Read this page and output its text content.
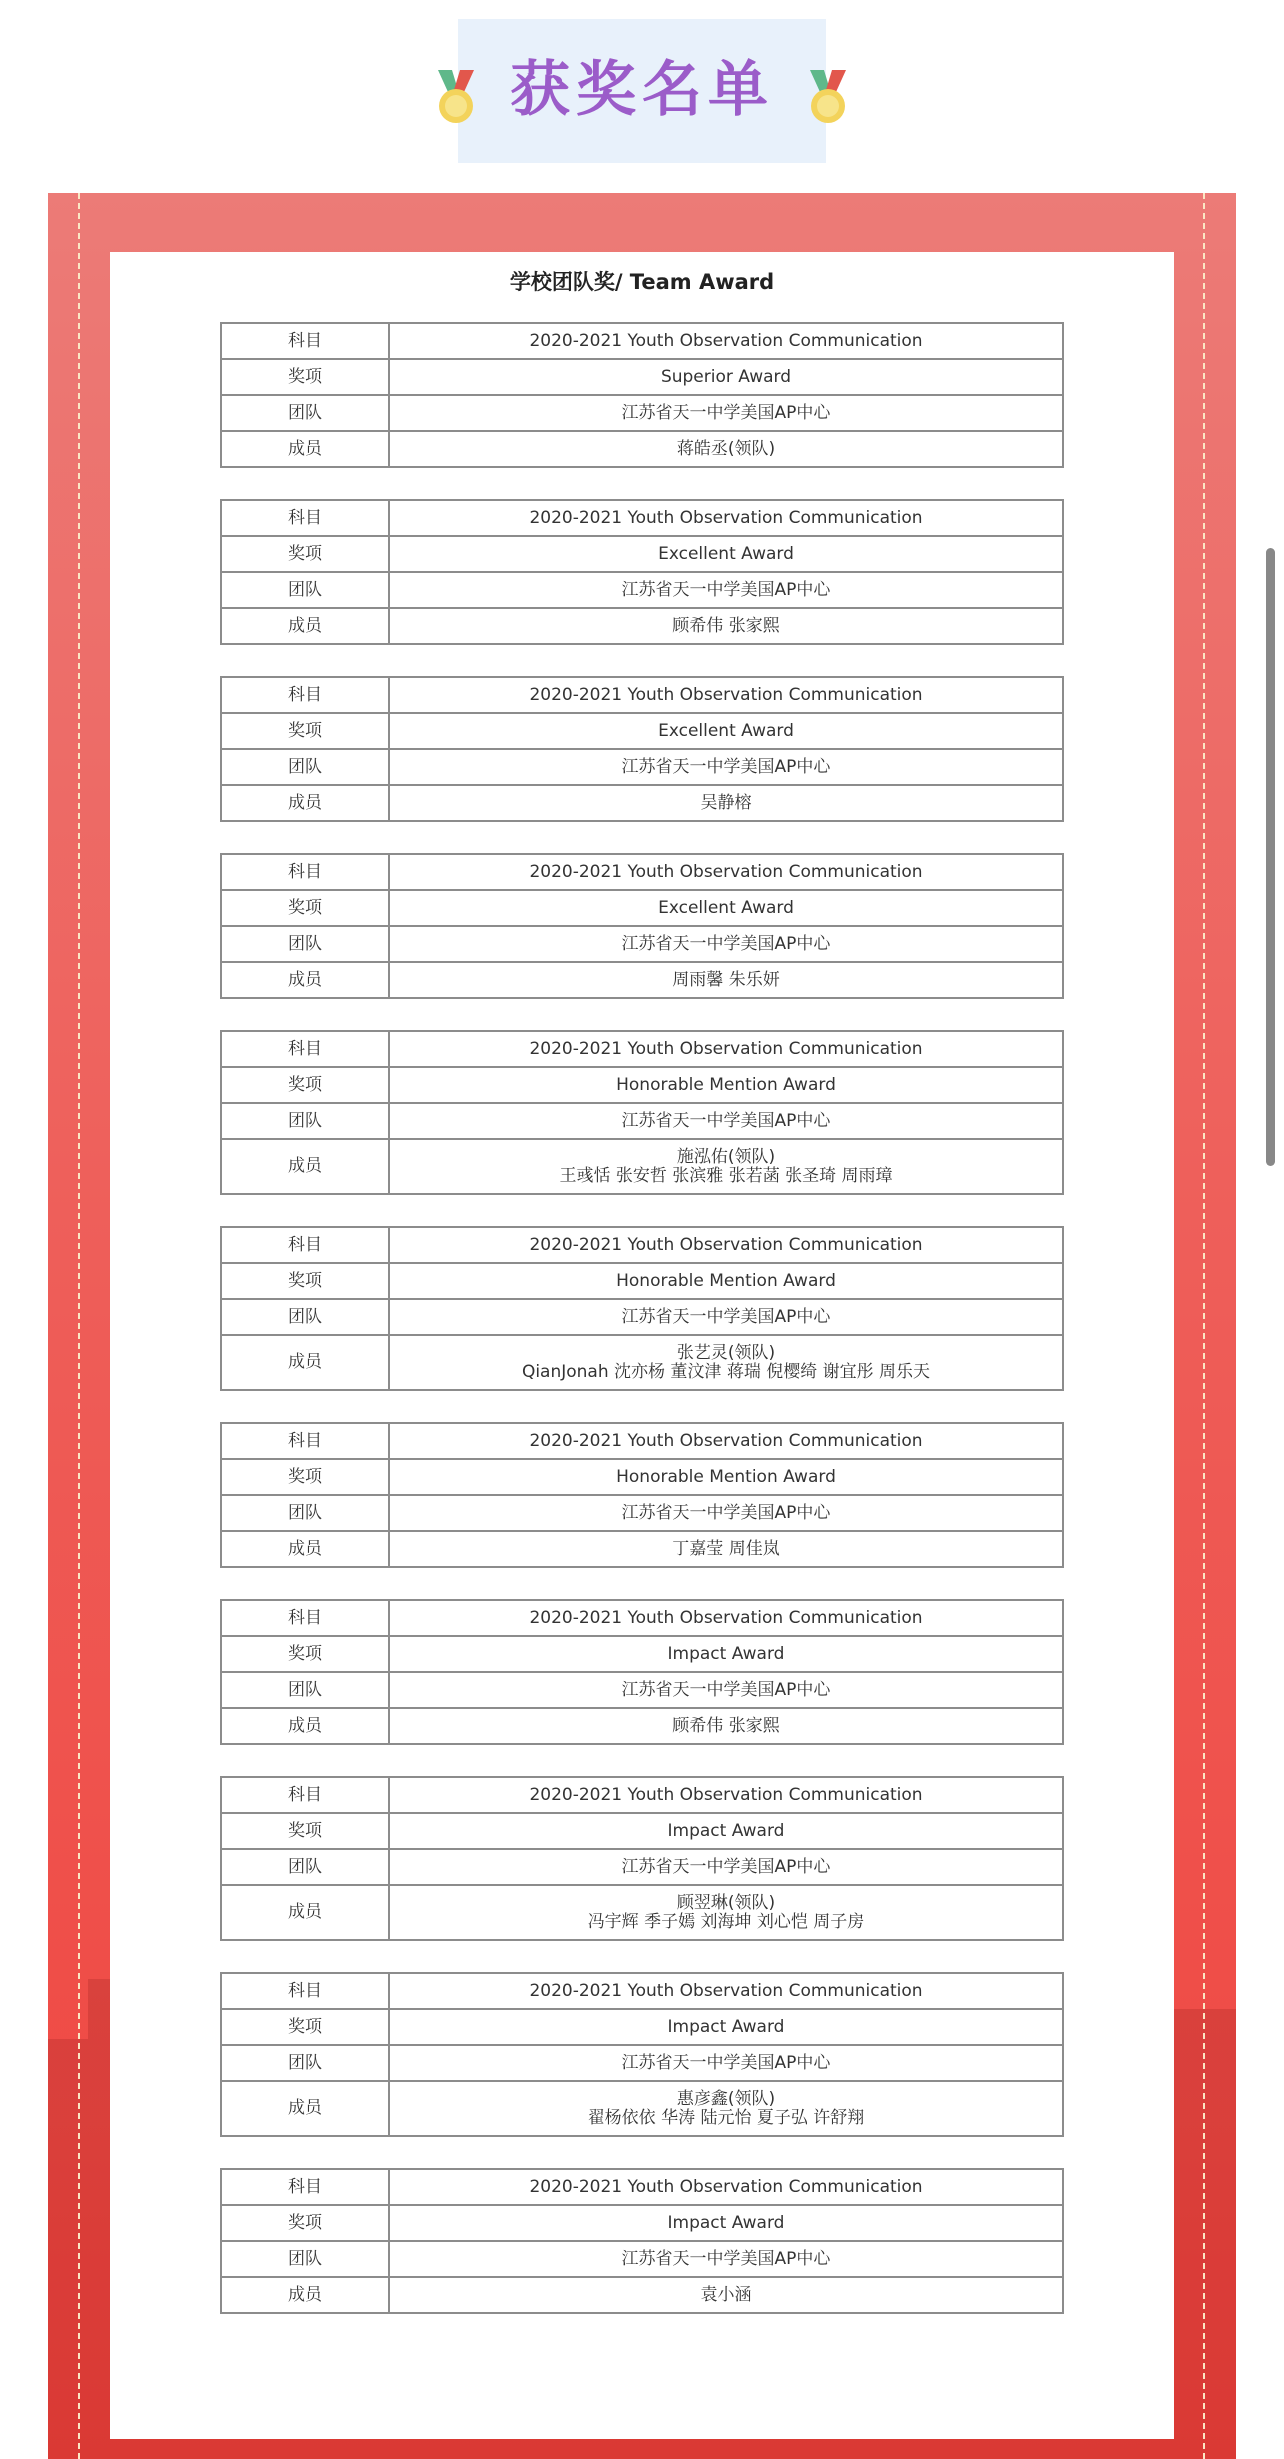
获奖名单
学校团队奖/ Team Award
科目	2020-2021 Youth Observation Communication
奖项	Superior Award
团队	江苏省天一中学美国AP中心
成员	蒋皓丞(领队)
科目	2020-2021 Youth Observation Communication
奖项	Excellent Award
团队	江苏省天一中学美国AP中心
成员	顾希伟 张家熙
科目	2020-2021 Youth Observation Communication
奖项	Excellent Award
团队	江苏省天一中学美国AP中心
成员	吴静榕
科目	2020-2021 Youth Observation Communication
奖项	Excellent Award
团队	江苏省天一中学美国AP中心
成员	周雨馨 朱乐妍
科目	2020-2021 Youth Observation Communication
奖项	Honorable Mention Award
团队	江苏省天一中学美国AP中心
成员	施泓佑(领队)
王彧恬 张安哲 张滨雅 张若菡 张圣琦 周雨璋
科目	2020-2021 Youth Observation Communication
奖项	Honorable Mention Award
团队	江苏省天一中学美国AP中心
成员	张艺灵(领队)
QianJonah 沈亦杨 董汶津 蒋瑞 倪樱绮 谢宜彤 周乐天
科目	2020-2021 Youth Observation Communication
奖项	Honorable Mention Award
团队	江苏省天一中学美国AP中心
成员	丁嘉莹 周佳岚
科目	2020-2021 Youth Observation Communication
奖项	Impact Award
团队	江苏省天一中学美国AP中心
成员	顾希伟 张家熙
科目	2020-2021 Youth Observation Communication
奖项	Impact Award
团队	江苏省天一中学美国AP中心
成员	顾翌琳(领队)
冯宇辉 季子嫣 刘海坤 刘心恺 周子房
科目	2020-2021 Youth Observation Communication
奖项	Impact Award
团队	江苏省天一中学美国AP中心
成员	惠彦鑫(领队)
翟杨依依 华涛 陆元怡 夏子弘 许舒翔
科目	2020-2021 Youth Observation Communication
奖项	Impact Award
团队	江苏省天一中学美国AP中心
成员	袁小涵
